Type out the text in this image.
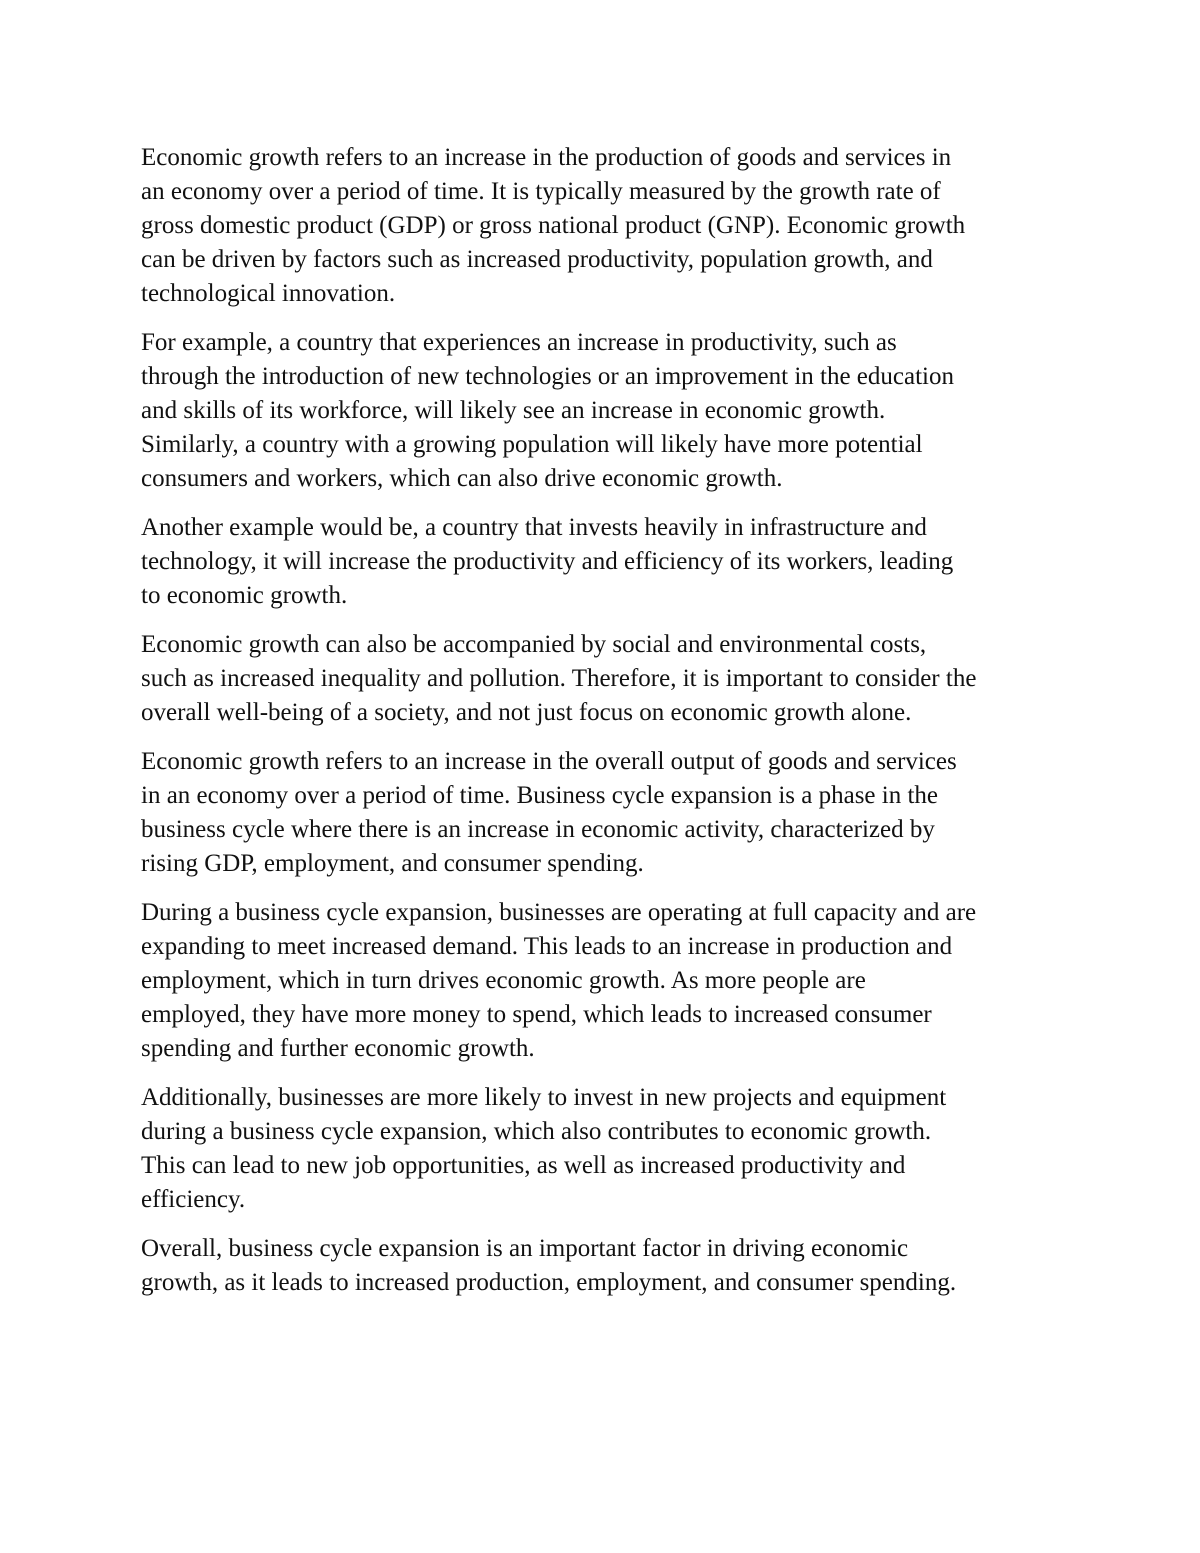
Economic growth refers to an increase in the production of goods and services in
an economy over a period of time. It is typically measured by the growth rate of
gross domestic product (GDP) or gross national product (GNP). Economic growth
can be driven by factors such as increased productivity, population growth, and
technological innovation.

For example, a country that experiences an increase in productivity, such as
through the introduction of new technologies or an improvement in the education
and skills of its workforce, will likely see an increase in economic growth.
Similarly, a country with a growing population will likely have more potential
consumers and workers, which can also drive economic growth.

Another example would be, a country that invests heavily in infrastructure and
technology, it will increase the productivity and efficiency of its workers, leading
to economic growth.

Economic growth can also be accompanied by social and environmental costs,
such as increased inequality and pollution. Therefore, it is important to consider the
overall well-being of a society, and not just focus on economic growth alone.

Economic growth refers to an increase in the overall output of goods and services
in an economy over a period of time. Business cycle expansion is a phase in the
business cycle where there is an increase in economic activity, characterized by
rising GDP, employment, and consumer spending.

During a business cycle expansion, businesses are operating at full capacity and are
expanding to meet increased demand. This leads to an increase in production and
employment, which in turn drives economic growth. As more people are
employed, they have more money to spend, which leads to increased consumer
spending and further economic growth.

Additionally, businesses are more likely to invest in new projects and equipment
during a business cycle expansion, which also contributes to economic growth.
This can lead to new job opportunities, as well as increased productivity and
efficiency.

Overall, business cycle expansion is an important factor in driving economic
growth, as it leads to increased production, employment, and consumer spending.
